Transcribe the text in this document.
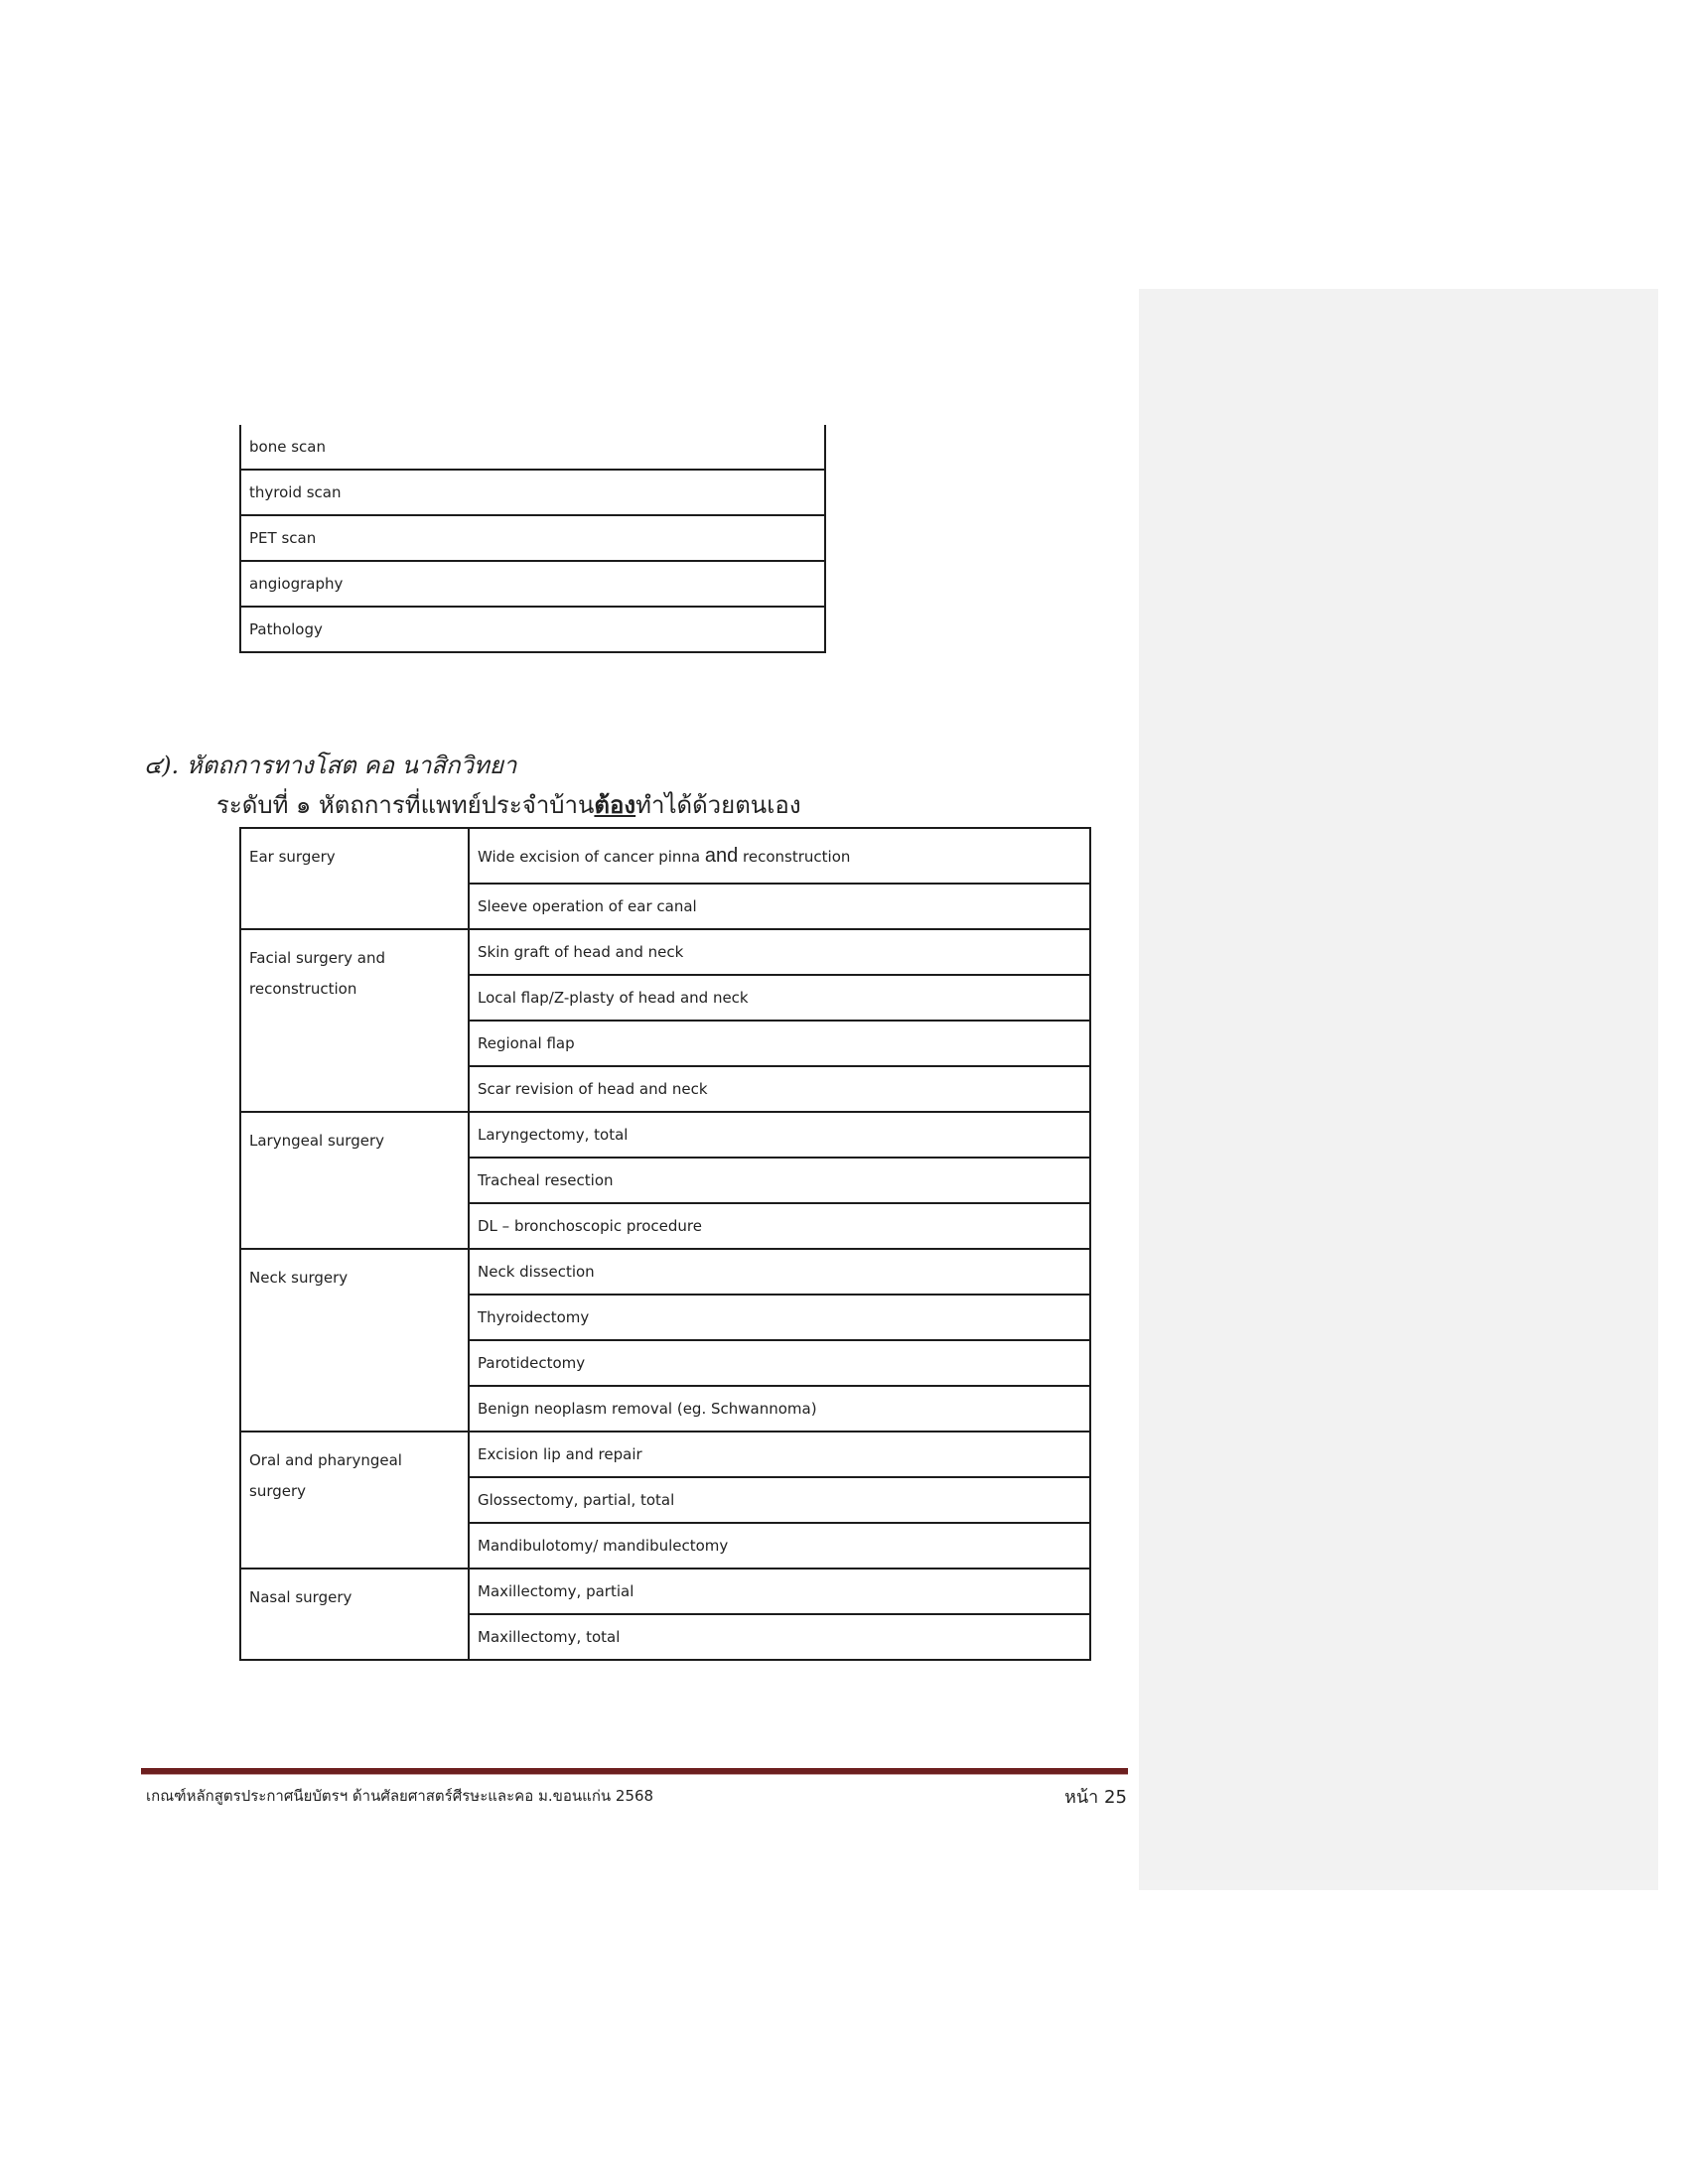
bone scan
thyroid scan
PET scan
angiography
Pathology
๔). หัตถการทางโสต คอ นาสิกวิทยา
ระดับที่ ๑ หัตถการที่แพทย์ประจำบ้านต้องทำได้ด้วยตนเอง
Ear surgery	Wide excision of cancer pinna and reconstruction
	Sleeve operation of ear canal
Facial surgery and reconstruction	Skin graft of head and neck
	Local flap/Z-plasty of head and neck
	Regional flap
	Scar revision of head and neck
Laryngeal surgery	Laryngectomy, total
	Tracheal resection
	DL – bronchoscopic procedure
Neck surgery	Neck dissection
	Thyroidectomy
	Parotidectomy
	Benign neoplasm removal (eg. Schwannoma)
Oral and pharyngeal surgery	Excision lip and repair
	Glossectomy, partial, total
	Mandibulotomy/ mandibulectomy
Nasal surgery	Maxillectomy, partial
	Maxillectomy, total
เกณฑ์หลักสูตรประกาศนียบัตรฯ ด้านศัลยศาสตร์ศีรษะและคอ ม.ขอนแก่น 2568	หน้า 25
